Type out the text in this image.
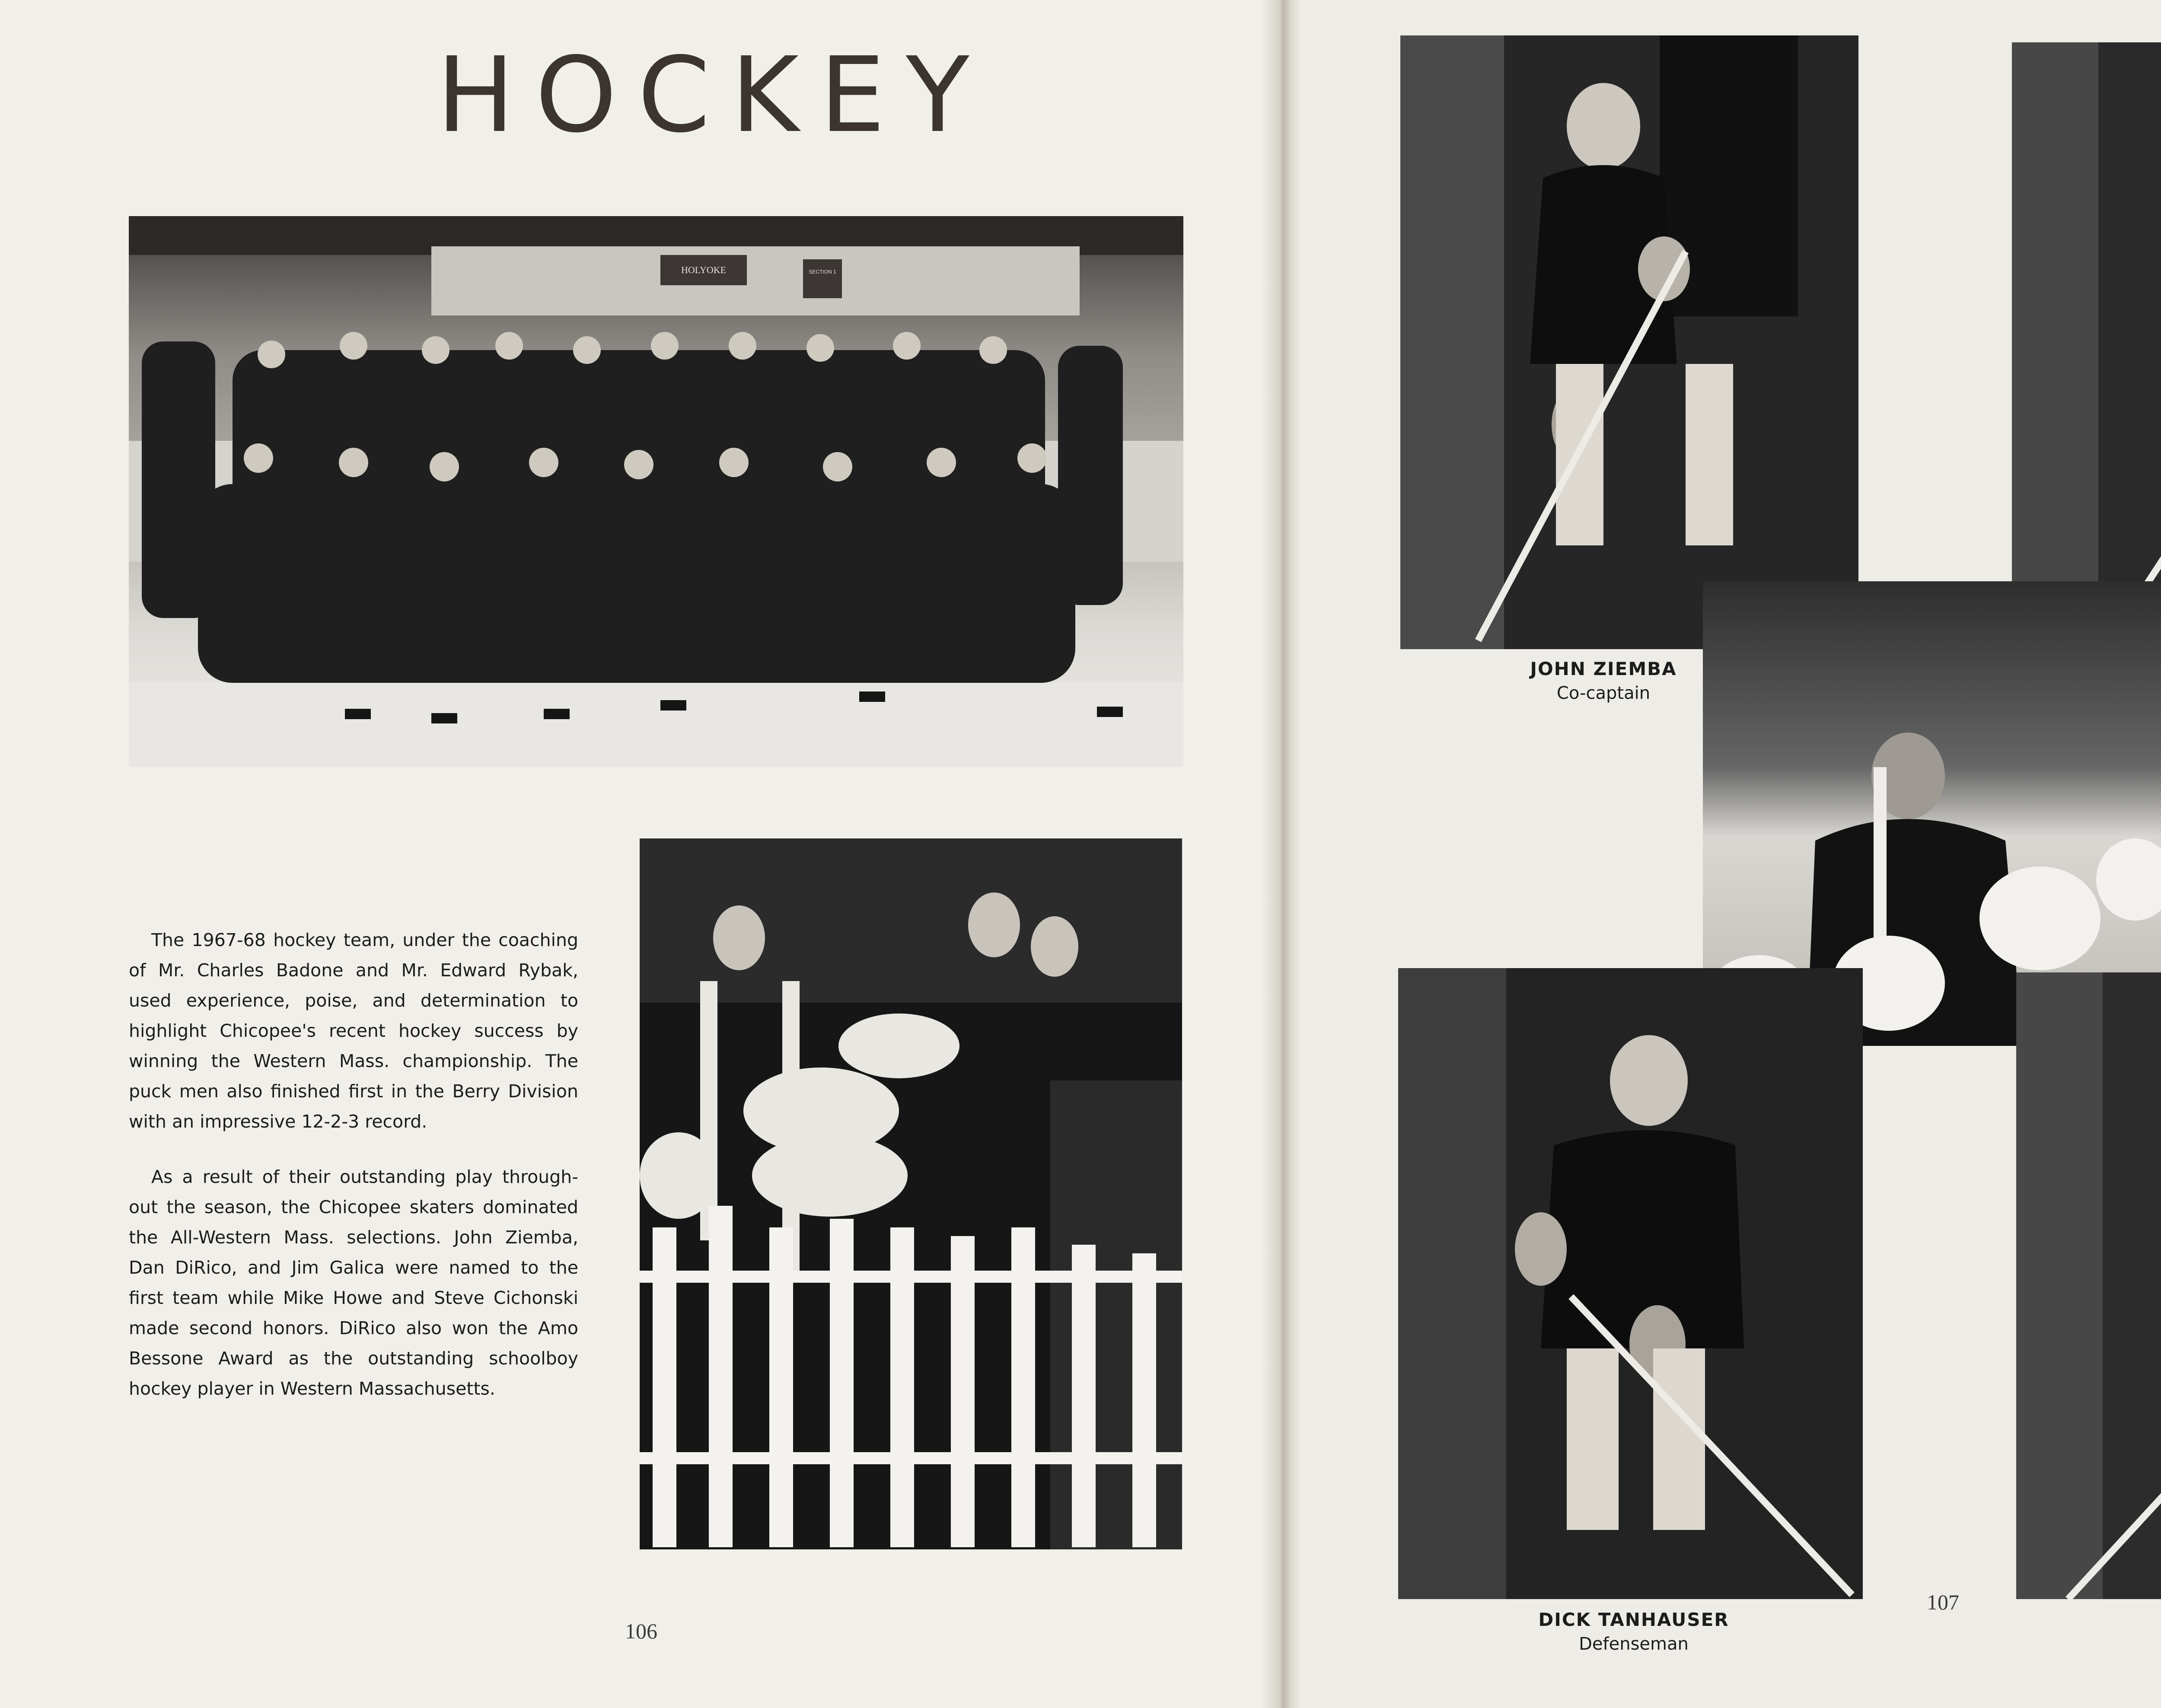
HOCKEY
HOLYOKE	SECTION 1

The 1967-68 hockey team, under the coaching of Mr. Charles Badone and Mr. Edward Rybak, used experience, poise, and determination to highlight Chicopee's recent hockey success by winning the Western Mass. championship. The puck men also finished first in the Berry Division with an impressive 12-2-3 record.

As a result of their outstanding play through-out the season, the Chicopee skaters dominated the All-Western Mass. selections. John Ziemba, Dan DiRico, and Jim Galica were named to the first team while Mike Howe and Steve Cichonski made second honors. DiRico also won the Amo Bessone Award as the outstanding schoolboy hockey player in Western Massachusetts.

106
JOHN ZIEMBA
Co-captain
DICK TANHAUSER
Defenseman
107
